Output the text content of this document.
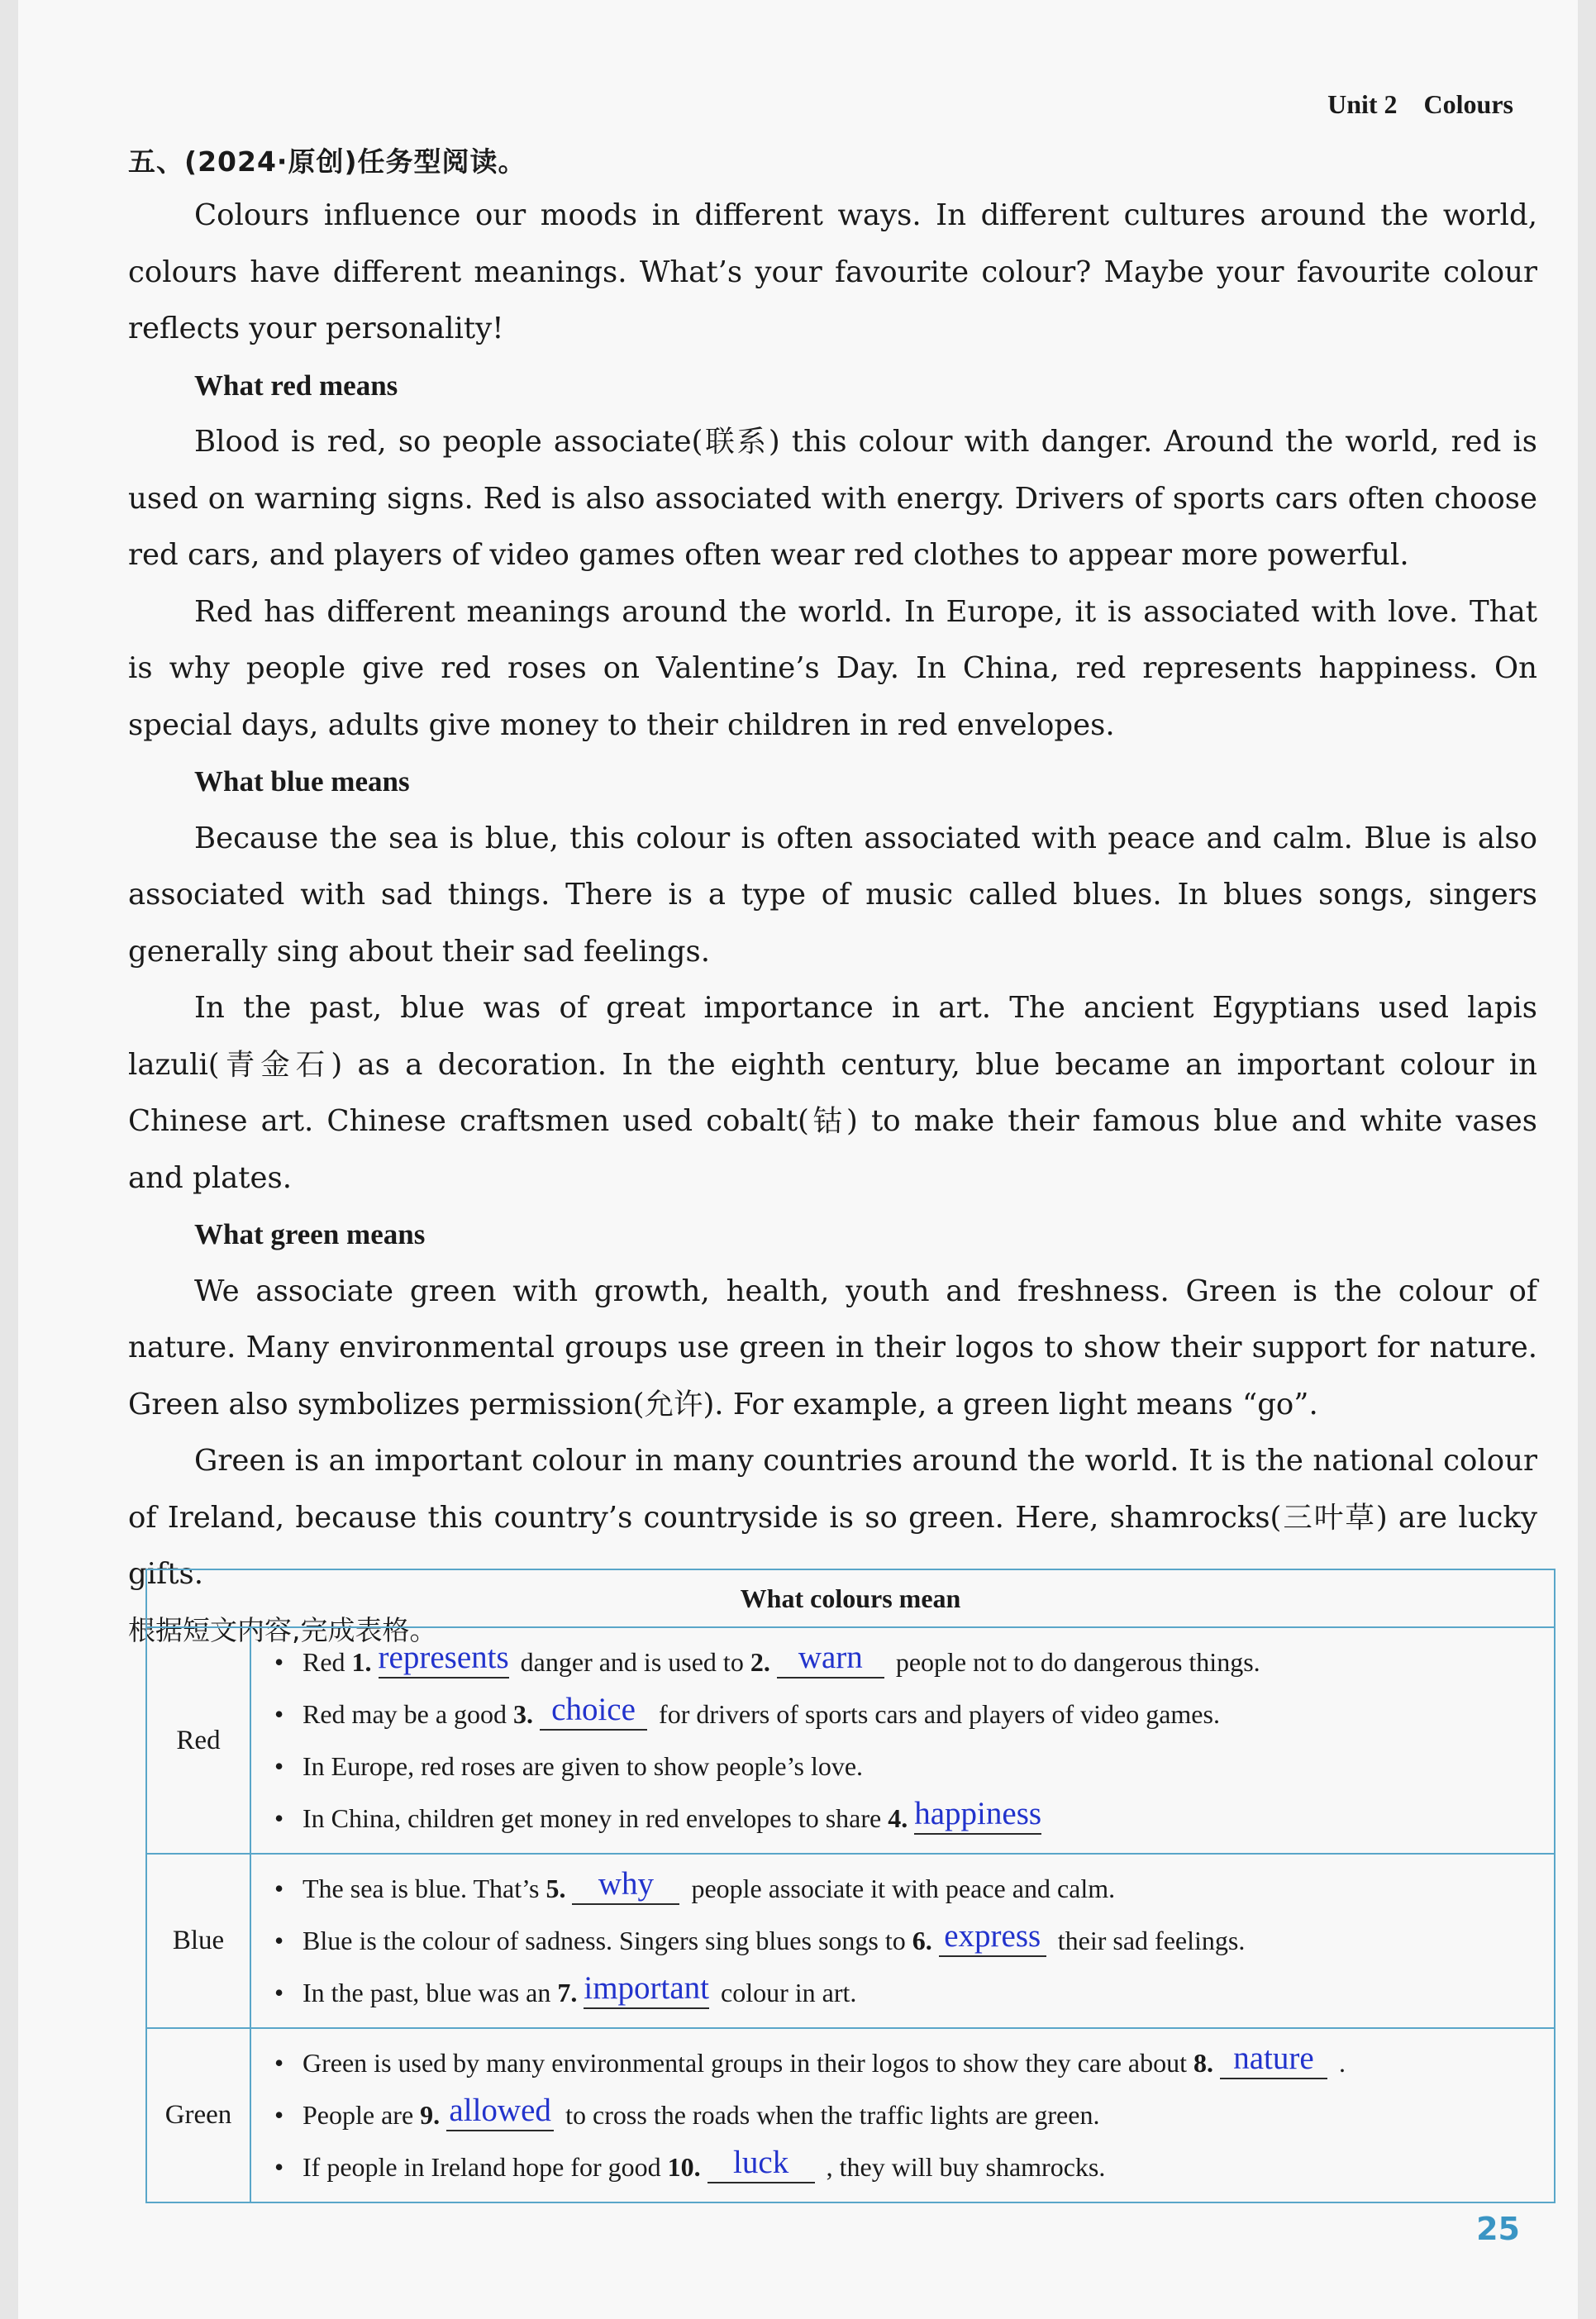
Unit 2 Colours
五、(2024·原创)任务型阅读。

Colours influence our moods in different ways. In different cultures around the world, colours have different meanings. What’s your favourite colour? Maybe your favourite colour reflects your personality!

What red means

Blood is red, so people associate(联系) this colour with danger. Around the world, red is used on warning signs. Red is also associated with energy. Drivers of sports cars often choose red cars, and players of video games often wear red clothes to appear more powerful.

Red has different meanings around the world. In Europe, it is associated with love. That is why people give red roses on Valentine’s Day. In China, red represents happiness. On special days, adults give money to their children in red envelopes.

What blue means

Because the sea is blue, this colour is often associated with peace and calm. Blue is also associated with sad things. There is a type of music called blues. In blues songs, singers generally sing about their sad feelings.

In the past, blue was of great importance in art. The ancient Egyptians used lapis lazuli(青金石) as a decoration. In the eighth century, blue became an important colour in Chinese art. Chinese craftsmen used cobalt(钴) to make their famous blue and white vases and plates.

What green means

We associate green with growth, health, youth and freshness. Green is the colour of nature. Many environmental groups use green in their logos to show their support for nature. Green also symbolizes permission(允许). For example, a green light means “go”.

Green is an important colour in many countries around the world. It is the national colour of Ireland, because this country’s countryside is so green. Here, shamrocks(三叶草) are lucky gifts.

根据短文内容,完成表格。
What colours mean	
Red	• Red 1. represents danger and is used to 2. warn people not to do dangerous things.
• Red may be a good 3. choice for drivers of sports cars and players of video games.
• In Europe, red roses are given to show people’s love.
• In China, children get money in red envelopes to share 4. happiness

Blue	• The sea is blue. That’s 5. why people associate it with peace and calm.
• Blue is the colour of sadness. Singers sing blues songs to 6. express their sad feelings.
• In the past, blue was an 7. important colour in art.

Green	• Green is used by many environmental groups in their logos to show they care about 8. nature .
• People are 9. allowed to cross the roads when the traffic lights are green.
• If people in Ireland hope for good 10. luck , they will buy shamrocks.
25
